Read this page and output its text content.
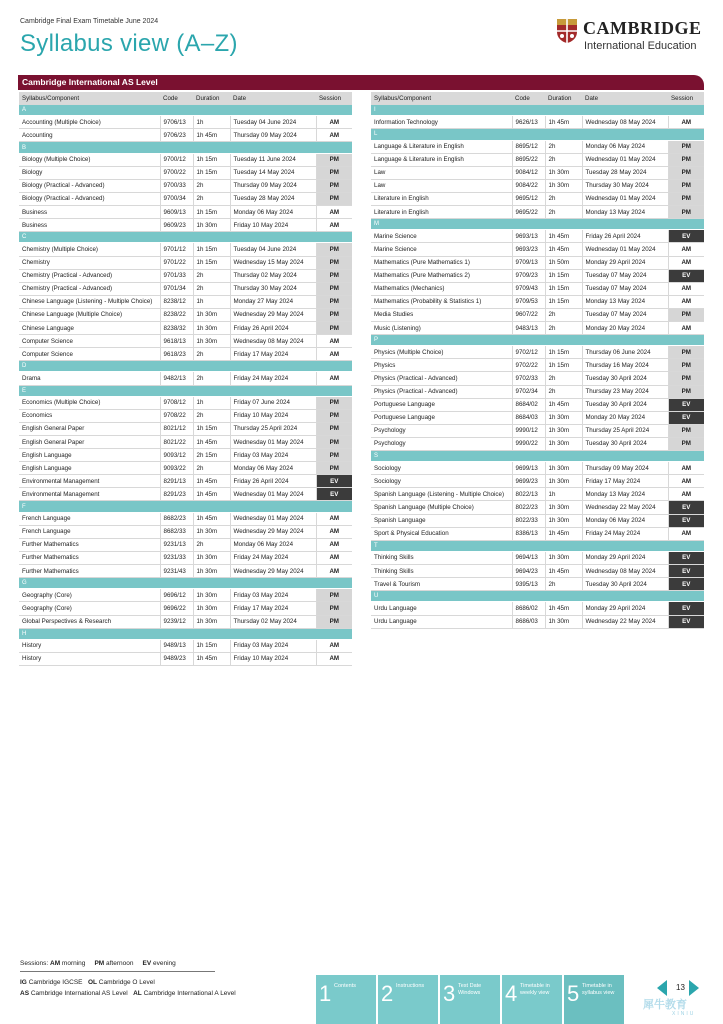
Cambridge Final Exam Timetable June 2024
Syllabus view (A–Z)
CAMBRIDGE
International Education
Cambridge International AS Level
Syllabus/Component	Code	Duration	Date	Session
A				
Accounting (Multiple Choice)	9706/13	1h	Tuesday 04 June 2024	AM
Accounting	9706/23	1h 45m	Thursday 09 May 2024	AM
B				
Biology (Multiple Choice)	9700/12	1h 15m	Tuesday 11 June 2024	PM
Biology	9700/22	1h 15m	Tuesday 14 May 2024	PM
Biology (Practical - Advanced)	9700/33	2h	Thursday 09 May 2024	PM
Biology (Practical - Advanced)	9700/34	2h	Tuesday 28 May 2024	PM
Business	9609/13	1h 15m	Monday 06 May 2024	AM
Business	9609/23	1h 30m	Friday 10 May 2024	AM
C				
Chemistry (Multiple Choice)	9701/12	1h 15m	Tuesday 04 June 2024	PM
Chemistry	9701/22	1h 15m	Wednesday 15 May 2024	PM
Chemistry (Practical - Advanced)	9701/33	2h	Thursday 02 May 2024	PM
Chemistry (Practical - Advanced)	9701/34	2h	Thursday 30 May 2024	PM
Chinese Language (Listening - Multiple Choice)	8238/12	1h	Monday 27 May 2024	PM
Chinese Language (Multiple Choice)	8238/22	1h 30m	Wednesday 29 May 2024	PM
Chinese Language	8238/32	1h 30m	Friday 26 April 2024	PM
Computer Science	9618/13	1h 30m	Wednesday 08 May 2024	AM
Computer Science	9618/23	2h	Friday 17 May 2024	AM
D				
Drama	9482/13	2h	Friday 24 May 2024	AM
E				
Economics (Multiple Choice)	9708/12	1h	Friday 07 June 2024	PM
Economics	9708/22	2h	Friday 10 May 2024	PM
English General Paper	8021/12	1h 15m	Thursday 25 April 2024	PM
English General Paper	8021/22	1h 45m	Wednesday 01 May 2024	PM
English Language	9093/12	2h 15m	Friday 03 May 2024	PM
English Language	9093/22	2h	Monday 06 May 2024	PM
Environmental Management	8291/13	1h 45m	Friday 26 April 2024	EV
Environmental Management	8291/23	1h 45m	Wednesday 01 May 2024	EV
F				
French Language	8682/23	1h 45m	Wednesday 01 May 2024	AM
French Language	8682/33	1h 30m	Wednesday 29 May 2024	AM
Further Mathematics	9231/13	2h	Monday 06 May 2024	AM
Further Mathematics	9231/33	1h 30m	Friday 24 May 2024	AM
Further Mathematics	9231/43	1h 30m	Wednesday 29 May 2024	AM
G				
Geography (Core)	9696/12	1h 30m	Friday 03 May 2024	PM
Geography (Core)	9696/22	1h 30m	Friday 17 May 2024	PM
Global Perspectives & Research	9239/12	1h 30m	Thursday 02 May 2024	PM
H				
History	9489/13	1h 15m	Friday 03 May 2024	AM
History	9489/23	1h 45m	Friday 10 May 2024	AM
Syllabus/Component	Code	Duration	Date	Session
I				
Information Technology	9626/13	1h 45m	Wednesday 08 May 2024	AM
L				
Language & Literature in English	8695/12	2h	Monday 06 May 2024	PM
Language & Literature in English	8695/22	2h	Wednesday 01 May 2024	PM
Law	9084/12	1h 30m	Tuesday 28 May 2024	PM
Law	9084/22	1h 30m	Thursday 30 May 2024	PM
Literature in English	9695/12	2h	Wednesday 01 May 2024	PM
Literature in English	9695/22	2h	Monday 13 May 2024	PM
M				
Marine Science	9693/13	1h 45m	Friday 26 April 2024	EV
Marine Science	9693/23	1h 45m	Wednesday 01 May 2024	AM
Mathematics (Pure Mathematics 1)	9709/13	1h 50m	Monday 29 April 2024	AM
Mathematics (Pure Mathematics 2)	9709/23	1h 15m	Tuesday 07 May 2024	EV
Mathematics (Mechanics)	9709/43	1h 15m	Tuesday 07 May 2024	AM
Mathematics (Probability & Statistics 1)	9709/53	1h 15m	Monday 13 May 2024	AM
Media Studies	9607/22	2h	Tuesday 07 May 2024	PM
Music (Listening)	9483/13	2h	Monday 20 May 2024	AM
P				
Physics (Multiple Choice)	9702/12	1h 15m	Thursday 06 June 2024	PM
Physics	9702/22	1h 15m	Thursday 16 May 2024	PM
Physics (Practical - Advanced)	9702/33	2h	Tuesday 30 April 2024	PM
Physics (Practical - Advanced)	9702/34	2h	Thursday 23 May 2024	PM
Portuguese Language	8684/02	1h 45m	Tuesday 30 April 2024	EV
Portuguese Language	8684/03	1h 30m	Monday 20 May 2024	EV
Psychology	9990/12	1h 30m	Thursday 25 April 2024	PM
Psychology	9990/22	1h 30m	Tuesday 30 April 2024	PM
S				
Sociology	9699/13	1h 30m	Thursday 09 May 2024	AM
Sociology	9699/23	1h 30m	Friday 17 May 2024	AM
Spanish Language (Listening - Multiple Choice)	8022/13	1h	Monday 13 May 2024	AM
Spanish Language (Multiple Choice)	8022/23	1h 30m	Wednesday 22 May 2024	EV
Spanish Language	8022/33	1h 30m	Monday 06 May 2024	EV
Sport & Physical Education	8386/13	1h 45m	Friday 24 May 2024	AM
T				
Thinking Skills	9694/13	1h 30m	Monday 29 April 2024	EV
Thinking Skills	9694/23	1h 45m	Wednesday 08 May 2024	EV
Travel & Tourism	9395/13	2h	Tuesday 30 April 2024	EV
U				
Urdu Language	8686/02	1h 45m	Monday 29 April 2024	EV
Urdu Language	8686/03	1h 30m	Wednesday 22 May 2024	EV
Sessions: AM morning PM afternoon EV evening
IG Cambridge IGCSE OL Cambridge O Level
AS Cambridge International AS Level AL Cambridge International A Level	1 Contents	2 Instructions 3 Test Date Windows	4 Timetable in weekly view 5 Timetable in syllabus view
13
犀牛教育
XINIU
